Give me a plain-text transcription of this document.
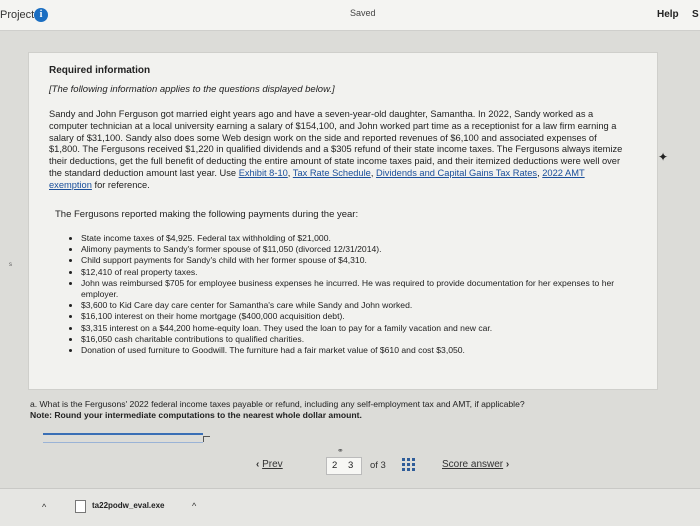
Project i	Saved	Help S
Required information
[The following information applies to the questions displayed below.]

Sandy and John Ferguson got married eight years ago and have a seven-year-old daughter, Samantha. In 2022, Sandy worked as a computer technician at a local university earning a salary of $154,100, and John worked part time as a receptionist for a law firm earning a salary of $31,100. Sandy also does some Web design work on the side and reported revenues of $6,100 and associated expenses of $1,800. The Fergusons received $1,220 in qualified dividends and a $305 refund of their state income taxes. The Fergusons always itemize their deductions, get the full benefit of deducting the entire amount of state income taxes paid, and their itemized deductions were well over the standard deduction amount last year. Use Exhibit 8-10, Tax Rate Schedule, Dividends and Capital Gains Tax Rates, 2022 AMT exemption for reference.

The Fergusons reported making the following payments during the year:
• State income taxes of $4,925. Federal tax withholding of $21,000.
• Alimony payments to Sandy's former spouse of $11,050 (divorced 12/31/2014).
• Child support payments for Sandy's child with her former spouse of $4,310.
• $12,410 of real property taxes.
• John was reimbursed $705 for employee business expenses he incurred. He was required to provide documentation for her expenses to her employer.
• $3,600 to Kid Care day care center for Samantha's care while Sandy and John worked.
• $16,100 interest on their home mortgage ($400,000 acquisition debt).
• $3,315 interest on a $44,200 home-equity loan. They used the loan to pay for a family vacation and new car.
• $16,050 cash charitable contributions to qualified charities.
• Donation of used furniture to Goodwill. The furniture had a fair market value of $610 and cost $3,050.
a. What is the Fergusons' 2022 federal income taxes payable or refund, including any self-employment tax and AMT, if applicable?
Note: Round your intermediate computations to the nearest whole dollar amount.
‹ Prev
⚭
2 3 of 3	Score answer ›
s
✦
^	ta22podw_eval.exe	^
